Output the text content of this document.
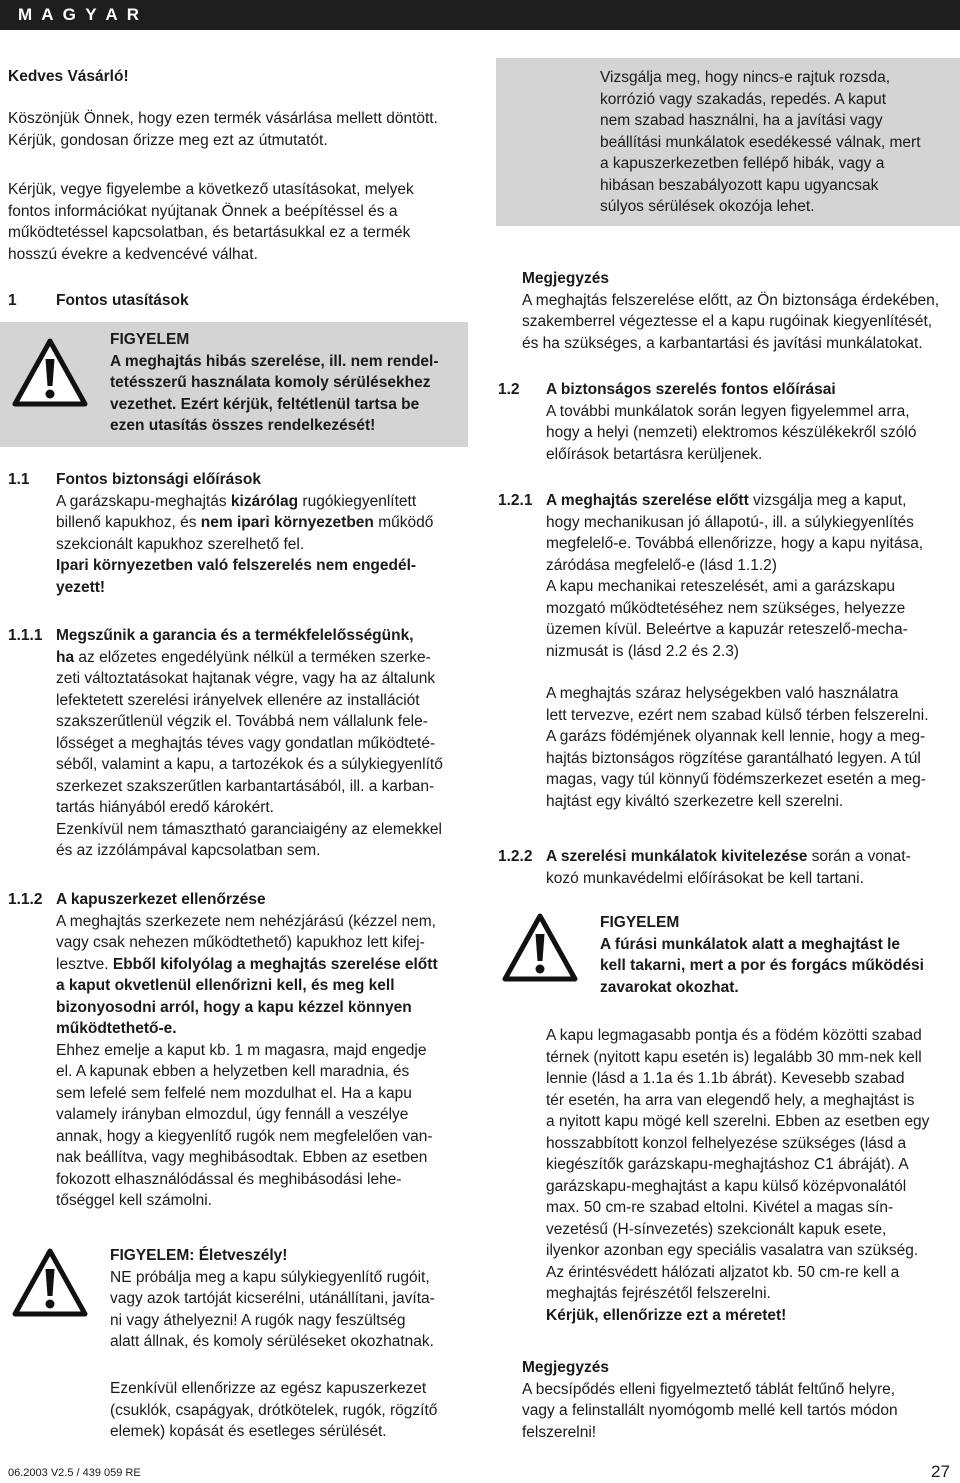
M A G Y A R
Kedves Vásárló!
Köszönjük Önnek, hogy ezen termék vásárlása mellett döntött.
Kérjük, gondosan őrizze meg ezt az útmutatót.
Kérjük, vegye figyelembe a következő utasításokat, melyek
fontos információkat nyújtanak Önnek a beépítéssel és a
működtetéssel kapcsolatban, és betartásukkal ez a termék
hosszú évekre a kedvencévé válhat.
1	Fontos utasítások
FIGYELEM
A meghajtás hibás szerelése, ill. nem rendel-
tetésszerű használata komoly sérülésekhez
vezethet. Ezért kérjük, feltétlenül tartsa be
ezen utasítás összes rendelkezését!
1.1 Fontos biztonsági előírások
A garázskapu-meghajtás kizárólag rugókiegyenlített
billenő kapukhoz, és nem ipari környezetben működő
szekcionált kapukhoz szerelhető fel.
Ipari környezetben való felszerelés nem engedél-
yezett!
1.1.1 Megszűnik a garancia és a termékfelelősségünk,
ha az előzetes engedélyünk nélkül a terméken szerke-
zeti változtatásokat hajtanak végre, vagy ha az általunk
lefektetett szerelési irányelvek ellenére az installációt
szakszerűtlenül végzik el. Továbbá nem vállalunk fele-
lősséget a meghajtás téves vagy gondatlan működteté-
séből, valamint a kapu, a tartozékok és a súlykiegyenlítő
szerkezet szakszerűtlen karbantartásából, ill. a karban-
tartás hiányából eredő károkért.
Ezenkívül nem támasztható garanciaigény az elemekkel
és az izzólámpával kapcsolatban sem.
1.1.2 A kapuszerkezet ellenőrzése
A meghajtás szerkezete nem nehézjárású (kézzel nem,
vagy csak nehezen működtethető) kapukhoz lett kifej-
lesztve. Ebből kifolyólag a meghajtás szerelése előtt
a kaput okvetlenül ellenőrizni kell, és meg kell
bizonyosodni arról, hogy a kapu kézzel könnyen
működtethető-e.
Ehhez emelje a kaput kb. 1 m magasra, majd engedje
el. A kapunak ebben a helyzetben kell maradnia, és
sem lefelé sem felfelé nem mozdulhat el. Ha a kapu
valamely irányban elmozdul, úgy fennáll a veszélye
annak, hogy a kiegyenlítő rugók nem megfelelően van-
nak beállítva, vagy meghibásodtak. Ebben az esetben
fokozott elhasználódással és meghibásodási lehe-
tőséggel kell számolni.
FIGYELEM: Életveszély!
NE próbálja meg a kapu súlykiegyenlítő rugóit,
vagy azok tartóját kicserélni, utánállítani, javíta-
ni vagy áthelyezni! A rugók nagy feszültség
alatt állnak, és komoly sérüléseket okozhatnak.
Ezenkívül ellenőrizze az egész kapuszerkezet
(csuklók, csapágyak, drótkötelek, rugók, rögzítő
elemek) kopását és esetleges sérülését.
Vizsgálja meg, hogy nincs-e rajtuk rozsda,
korrózió vagy szakadás, repedés. A kaput
nem szabad használni, ha a javítási vagy
beállítási munkálatok esedékessé válnak, mert
a kapuszerkezetben fellépő hibák, vagy a
hibásan beszabályozott kapu ugyancsak
súlyos sérülések okozója lehet.
Megjegyzés
A meghajtás felszerelése előtt, az Ön biztonsága érdekében,
szakemberrel végeztesse el a kapu rugóinak kiegyenlítését,
és ha szükséges, a karbantartási és javítási munkálatokat.
1.2 A biztonságos szerelés fontos előírásai
A további munkálatok során legyen figyelemmel arra,
hogy a helyi (nemzeti) elektromos készülékekről szóló
előírások betartásra kerüljenek.
1.2.1 A meghajtás szerelése előtt vizsgálja meg a kaput,
hogy mechanikusan jó állapotú-, ill. a súlykiegyenlítés
megfelelő-e. Továbbá ellenőrizze, hogy a kapu nyitása,
záródása megfelelő-e (lásd 1.1.2)
A kapu mechanikai reteszelését, ami a garázskapu
mozgató működtetéséhez nem szükséges, helyezze
üzemen kívül. Beleértve a kapuzár reteszelő-mecha-
nizmusát is (lásd 2.2 és 2.3)
A meghajtás száraz helységekben való használatra
lett tervezve, ezért nem szabad külső térben felszerelni.
A garázs födémjének olyannak kell lennie, hogy a meg-
hajtás biztonságos rögzítése garantálható legyen. A túl
magas, vagy túl könnyű födémszerkezet esetén a meg-
hajtást egy kiváltó szerkezetre kell szerelni.
1.2.2 A szerelési munkálatok kivitelezése során a vonat-
kozó munkavédelmi előírásokat be kell tartani.
FIGYELEM
A fúrási munkálatok alatt a meghajtást le
kell takarni, mert a por és forgács működési
zavarokat okozhat.
A kapu legmagasabb pontja és a födém közötti szabad
térnek (nyitott kapu esetén is) legalább 30 mm-nek kell
lennie (lásd a 1.1a és 1.1b ábrát). Kevesebb szabad
tér esetén, ha arra van elegendő hely, a meghajtást is
a nyitott kapu mögé kell szerelni. Ebben az esetben egy
hosszabbított konzol felhelyezése szükséges (lásd a
kiegészítők garázskapu-meghajtáshoz C1 ábráját). A
garázskapu-meghajtást a kapu külső középvonalától
max. 50 cm-re szabad eltolni. Kivétel a magas sín-
vezetésű (H-sínvezetés) szekcionált kapuk esete,
ilyenkor azonban egy speciális vasalatra van szükség.
Az érintésvédett hálózati aljzatot kb. 50 cm-re kell a
meghajtás fejrészétől felszerelni.
Kérjük, ellenőrizze ezt a méretet!
Megjegyzés
A becsípődés elleni figyelmeztető táblát feltűnő helyre,
vagy a felinstallált nyomógomb mellé kell tartós módon
felszerelni!
06.2003 V2.5 / 439 059 RE	27
